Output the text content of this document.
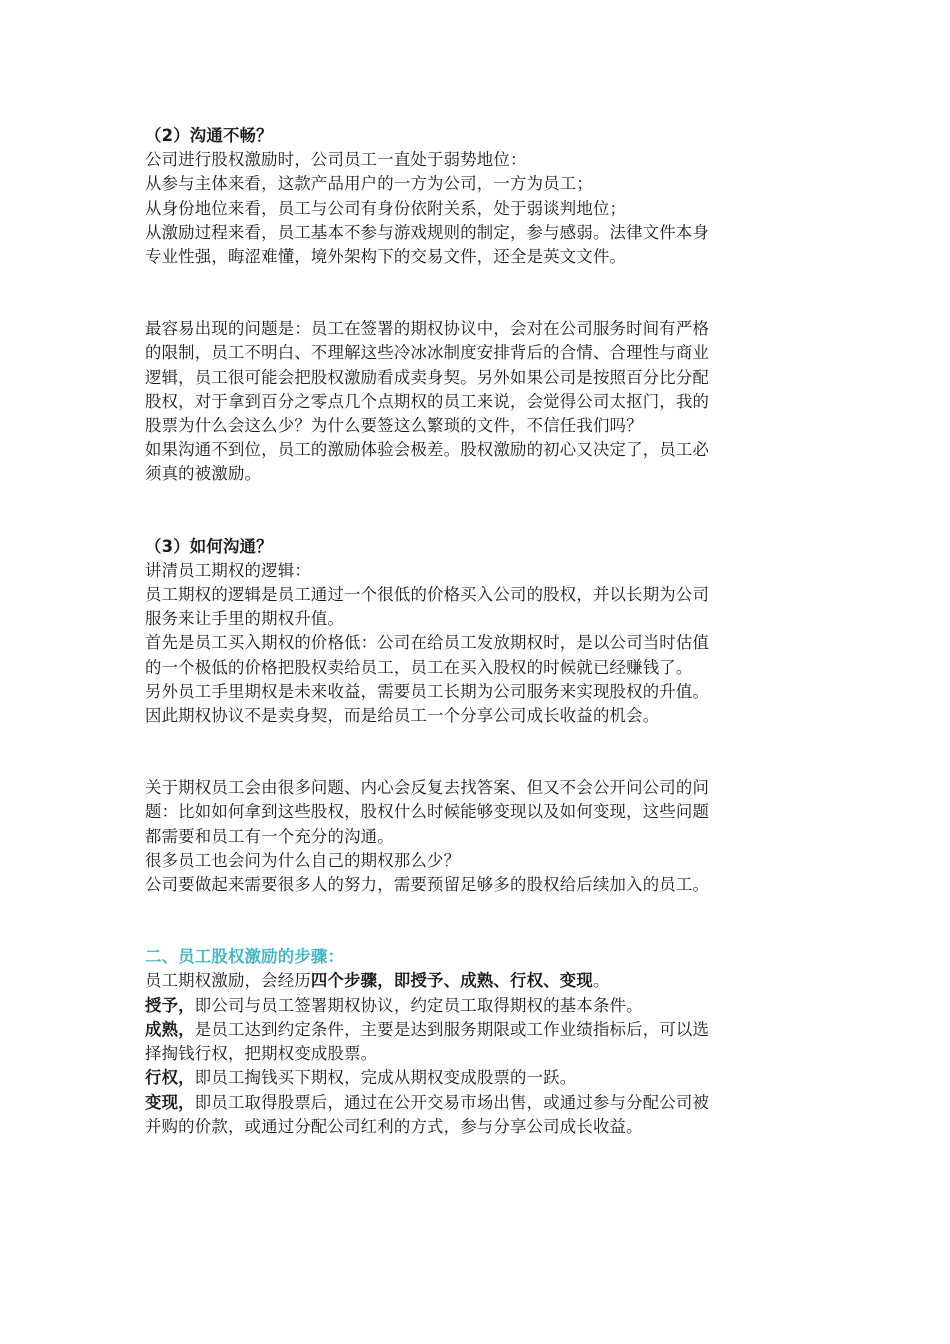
（2）沟通不畅？
公司进行股权激励时，公司员工一直处于弱势地位：
从参与主体来看，这款产品用户的一方为公司，一方为员工；
从身份地位来看，员工与公司有身份依附关系，处于弱谈判地位；
从激励过程来看，员工基本不参与游戏规则的制定，参与感弱。法律文件本身
专业性强，晦涩难懂，境外架构下的交易文件，还全是英文文件。
最容易出现的问题是：员工在签署的期权协议中，会对在公司服务时间有严格
的限制，员工不明白、不理解这些冷冰冰制度安排背后的合情、合理性与商业
逻辑，员工很可能会把股权激励看成卖身契。另外如果公司是按照百分比分配
股权，对于拿到百分之零点几个点期权的员工来说，会觉得公司太抠门，我的
股票为什么会这么少？为什么要签这么繁琐的文件，不信任我们吗？
如果沟通不到位，员工的激励体验会极差。股权激励的初心又决定了，员工必
须真的被激励。
（3）如何沟通？
讲清员工期权的逻辑：
员工期权的逻辑是员工通过一个很低的价格买入公司的股权，并以长期为公司
服务来让手里的期权升值。
首先是员工买入期权的价格低：公司在给员工发放期权时，是以公司当时估值
的一个极低的价格把股权卖给员工，员工在买入股权的时候就已经赚钱了。
另外员工手里期权是未来收益，需要员工长期为公司服务来实现股权的升值。
因此期权协议不是卖身契，而是给员工一个分享公司成长收益的机会。
关于期权员工会由很多问题、内心会反复去找答案、但又不会公开问公司的问
题：比如如何拿到这些股权，股权什么时候能够变现以及如何变现，这些问题
都需要和员工有一个充分的沟通。
很多员工也会问为什么自己的期权那么少？
公司要做起来需要很多人的努力，需要预留足够多的股权给后续加入的员工。
二、员工股权激励的步骤：
员工期权激励，会经历四个步骤，即授予、成熟、行权、变现。
授予，即公司与员工签署期权协议，约定员工取得期权的基本条件。
成熟，是员工达到约定条件，主要是达到服务期限或工作业绩指标后，可以选
择掏钱行权，把期权变成股票。
行权，即员工掏钱买下期权，完成从期权变成股票的一跃。
变现，即员工取得股票后，通过在公开交易市场出售，或通过参与分配公司被
并购的价款，或通过分配公司红利的方式，参与分享公司成长收益。
